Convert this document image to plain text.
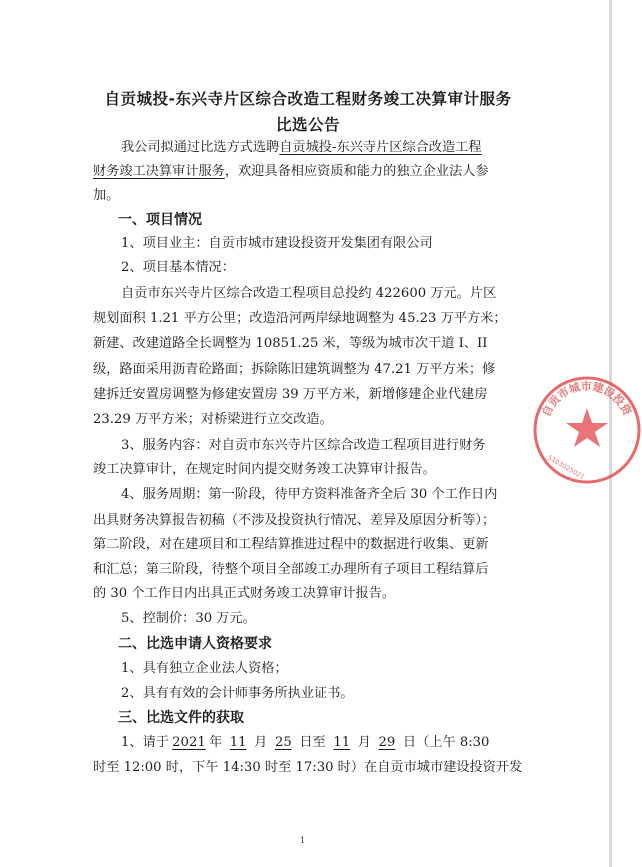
自贡城投-东兴寺片区综合改造工程财务竣工决算审计服务
比选公告
我公司拟通过比选方式选聘自贡城投-东兴寺片区综合改造工程
财务竣工决算审计服务，欢迎具备相应资质和能力的独立企业法人参
加。
一、项目情况
1、项目业主：自贡市城市建设投资开发集团有限公司
2、项目基本情况：
自贡市东兴寺片区综合改造工程项目总投约 422600 万元。片区
规划面积 1.21 平方公里；改造沿河两岸绿地调整为 45.23 万平方米；
新建、改建道路全长调整为 10851.25 米，等级为城市次干道 I、II
级，路面采用沥青砼路面；拆除陈旧建筑调整为 47.21 万平方米；修
建拆迁安置房调整为修建安置房 39 万平方米，新增修建企业代建房
23.29 万平方米；对桥梁进行立交改造。
3、服务内容：对自贡市东兴寺片区综合改造工程项目进行财务
竣工决算审计，在规定时间内提交财务竣工决算审计报告。
4、服务周期：第一阶段，待甲方资料准备齐全后 30 个工作日内
出具财务决算报告初稿（不涉及投资执行情况、差异及原因分析等）；
第二阶段，对在建项目和工程结算推进过程中的数据进行收集、更新
和汇总；第三阶段，待整个项目全部竣工办理所有子项目工程结算后
的 30 个工作日内出具正式财务竣工决算审计报告。
5、控制价：30 万元。
二、比选申请人资格要求
1、具有独立企业法人资格；
2、具有有效的会计师事务所执业证书。
三、比选文件的获取
1、请于 2021 年 11 月 25 日至 11 月 29 日（上午 8:30
时至 12:00 时，下午 14:30 时至 17:30 时）在自贡市城市建设投资开发
1
自贡市城市建设投资
5103025021
